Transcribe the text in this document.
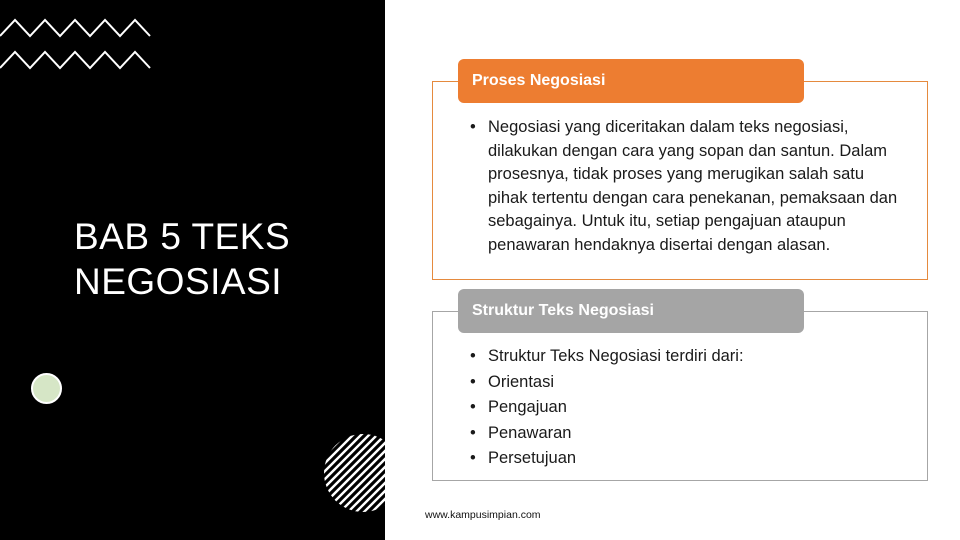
BAB 5 TEKS
NEGOSIASI
Proses Negosiasi
• Negosiasi yang diceritakan dalam teks negosiasi, dilakukan dengan cara yang sopan dan santun. Dalam prosesnya, tidak proses yang merugikan salah satu pihak tertentu dengan cara penekanan, pemaksaan dan sebagainya. Untuk itu, setiap pengajuan ataupun penawaran hendaknya disertai dengan alasan.
Struktur Teks Negosiasi
• Struktur Teks Negosiasi terdiri dari:
• Orientasi
• Pengajuan
• Penawaran
• Persetujuan
www.kampusimpian.com
